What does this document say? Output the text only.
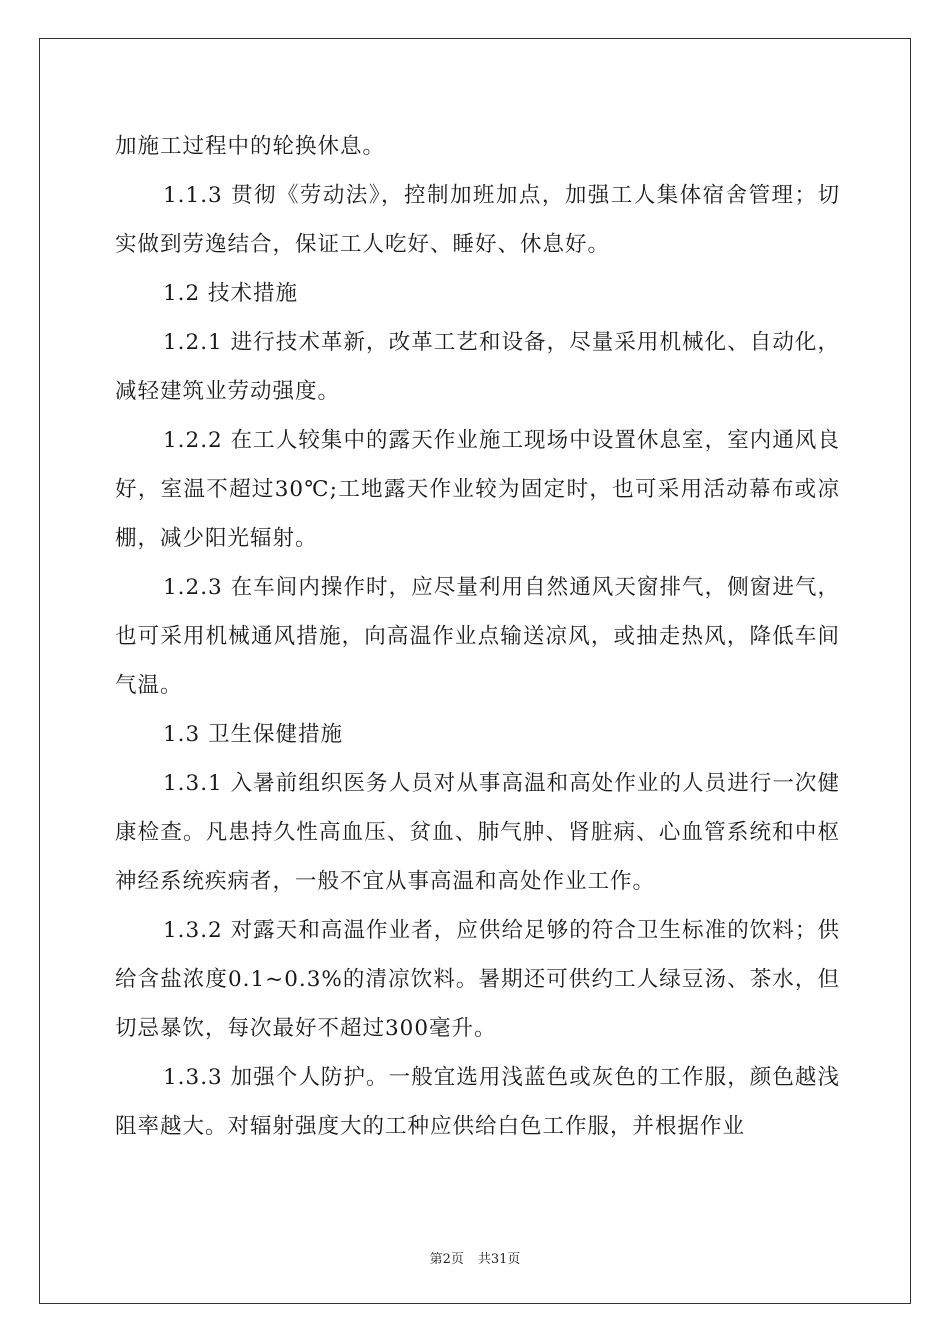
加施工过程中的轮换休息。

1.1.3 贯彻《劳动法》，控制加班加点，加强工人集体宿舍管理；切实做到劳逸结合，保证工人吃好、睡好、休息好。

1.2 技术措施

1.2.1 进行技术革新，改革工艺和设备，尽量采用机械化、自动化，减轻建筑业劳动强度。

1.2.2 在工人较集中的露天作业施工现场中设置休息室，室内通风良好，室温不超过30℃;工地露天作业较为固定时，也可采用活动幕布或凉棚，减少阳光辐射。

1.2.3 在车间内操作时，应尽量利用自然通风天窗排气，侧窗进气，也可采用机械通风措施，向高温作业点输送凉风，或抽走热风，降低车间气温。

1.3 卫生保健措施

1.3.1 入暑前组织医务人员对从事高温和高处作业的人员进行一次健康检查。凡患持久性高血压、贫血、肺气肿、肾脏病、心血管系统和中枢神经系统疾病者，一般不宜从事高温和高处作业工作。

1.3.2 对露天和高温作业者，应供给足够的符合卫生标准的饮料；供给含盐浓度0.1~0.3%的清凉饮料。暑期还可供约工人绿豆汤、茶水，但切忌暴饮，每次最好不超过300毫升。

1.3.3 加强个人防护。一般宜选用浅蓝色或灰色的工作服，颜色越浅阻率越大。对辐射强度大的工种应供给白色工作服，并根据作业

第2页 共31页
